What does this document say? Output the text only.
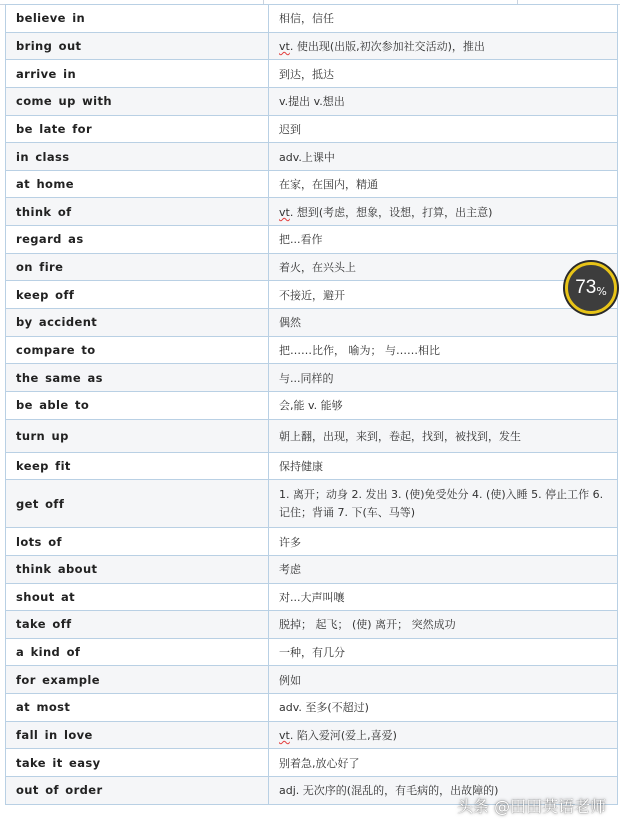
believe in	相信，信任
bring out	vt. 使出现(出版,初次参加社交活动)，推出
arrive in	到达，抵达
come up with	v.提出 v.想出
be late for	迟到
in class	adv.上课中
at home	在家，在国内，精通
think of	vt. 想到(考虑，想象，设想，打算，出主意)
regard as	把...看作
on fire	着火，在兴头上
keep off	不接近，避开
by accident	偶然
compare to	把……比作， 喻为； 与……相比
the same as	与...同样的
be able to	会,能 v. 能够
turn up	朝上翻，出现，来到，卷起，找到，被找到，发生
keep fit	保持健康
get off	1. 离开；动身 2. 发出 3. (使)免受处分 4. (使)入睡 5. 停止工作 6. 记住；背诵 7. 下(车、马等)
lots of	许多
think about	考虑
shout at	对...大声叫嚷
take off	脱掉； 起飞； (使) 离开； 突然成功
a kind of	一种，有几分
for example	例如
at most	adv. 至多(不超过)
fall in love	vt. 陷入爱河(爱上,喜爱)
take it easy	别着急,放心好了
out of order	adj. 无次序的(混乱的，有毛病的，出故障的)
73 %
头条 @田田英语老师
